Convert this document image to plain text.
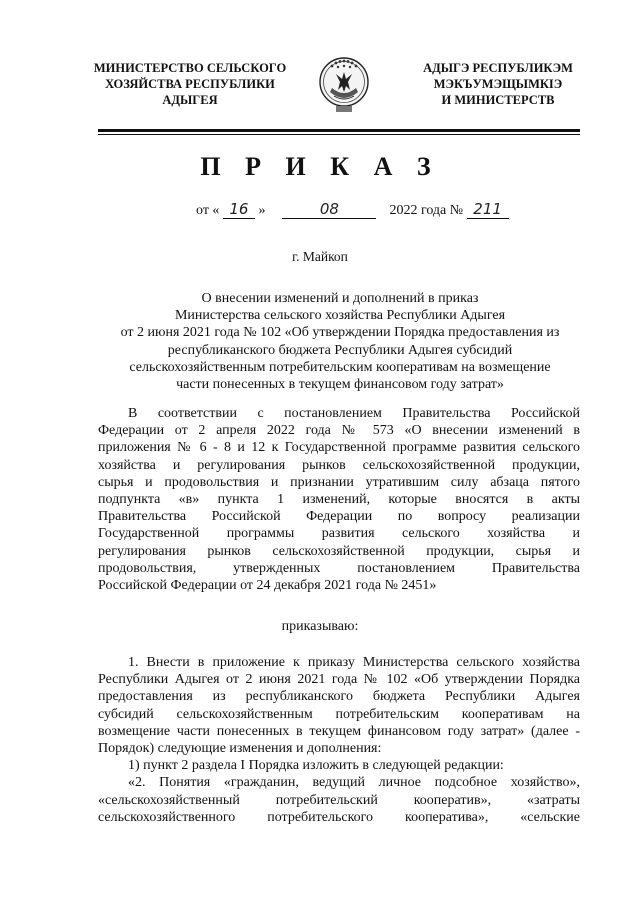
МИНИСТЕРСТВО СЕЛЬСКОГО
ХОЗЯЙСТВА РЕСПУБЛИКИ
АДЫГЕЯ
АДЫГЭ РЕСПУБЛИКЭМ
МЭКЪУМЭЩЫМКІЭ
И МИНИСТЕРСТВ
П Р И К А З
от « 16 »	08	2022 года № 211
г. Майкоп
О внесении изменений и дополнений в приказ
Министерства сельского хозяйства Республики Адыгея
от 2 июня 2021 года № 102 «Об утверждении Порядка предоставления из
республиканского бюджета Республики Адыгея субсидий
сельскохозяйственным потребительским кооперативам на возмещение
части понесенных в текущем финансовом году затрат»
В соответствии с постановлением Правительства Российской
Федерации от 2 апреля 2022 года № 573 «О внесении изменений в
приложения № 6 - 8 и 12 к Государственной программе развития сельского
хозяйства и регулирования рынков сельскохозяйственной продукции,
сырья и продовольствия и признании утратившим силу абзаца пятого
подпункта «в» пункта 1 изменений, которые вносятся в акты
Правительства Российской Федерации по вопросу реализации
Государственной программы развития сельского хозяйства и
регулирования рынков сельскохозяйственной продукции, сырья и
продовольствия, утвержденных постановлением Правительства
Российской Федерации от 24 декабря 2021 года № 2451»
приказываю:
1. Внести в приложение к приказу Министерства сельского хозяйства
Республики Адыгея от 2 июня 2021 года № 102 «Об утверждении Порядка
предоставления из республиканского бюджета Республики Адыгея
субсидий сельскохозяйственным потребительским кооперативам на
возмещение части понесенных в текущем финансовом году затрат» (далее -
Порядок) следующие изменения и дополнения:
1) пункт 2 раздела I Порядка изложить в следующей редакции:
«2. Понятия «гражданин, ведущий личное подсобное хозяйство»,
«сельскохозяйственный потребительский кооператив», «затраты
сельскохозяйственного потребительского кооператива», «сельские
